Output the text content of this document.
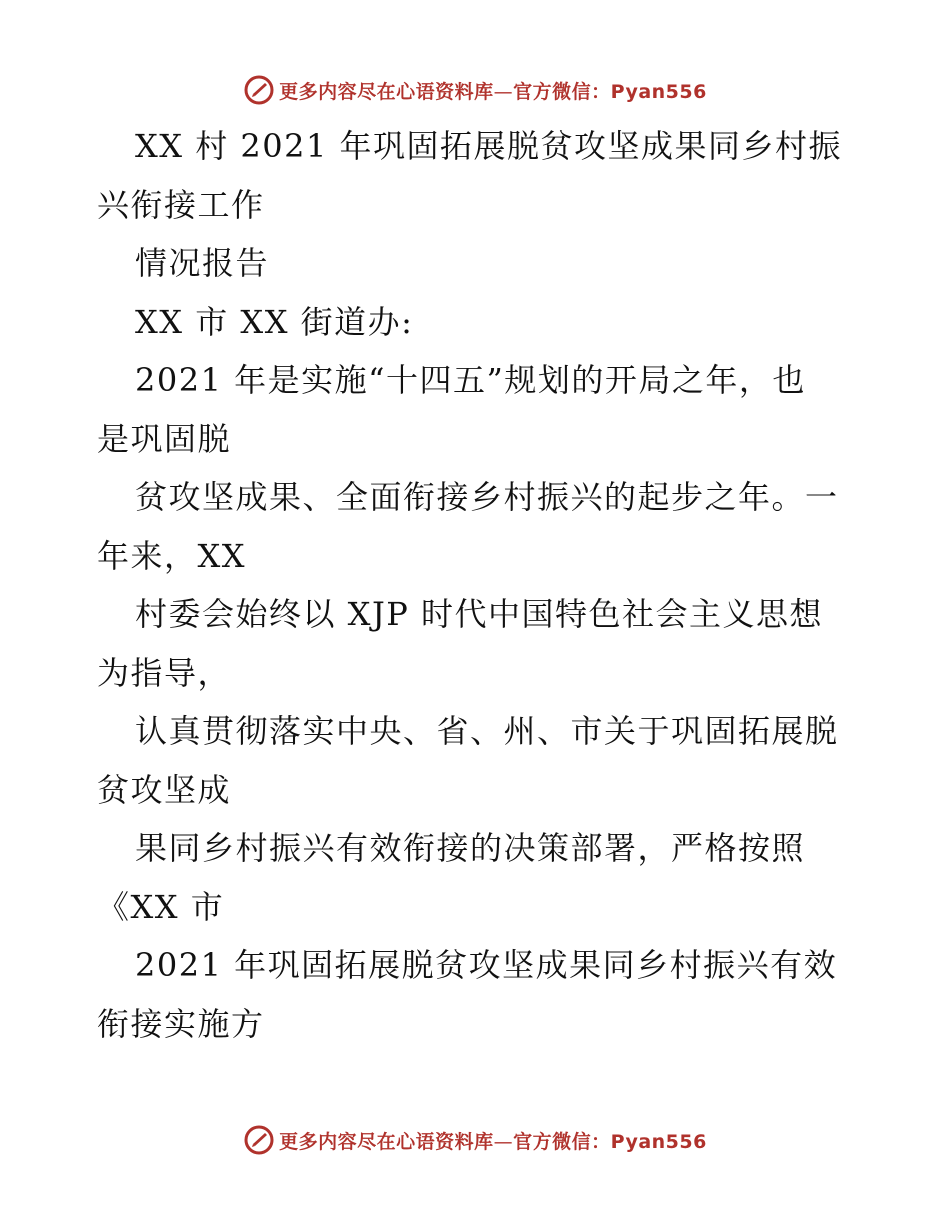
更多内容尽在心语资料库—官方微信：Pyan556
XX 村 2021 年巩固拓展脱贫攻坚成果同乡村振
兴衔接工作
情况报告
XX 市 XX 街道办:
2021 年是实施“十四五”规划的开局之年，也
是巩固脱
贫攻坚成果、全面衔接乡村振兴的起步之年。一
年来，XX
村委会始终以 XJP 时代中国特色社会主义思想
为指导，
认真贯彻落实中央、省、州、市关于巩固拓展脱
贫攻坚成
果同乡村振兴有效衔接的决策部署，严格按照
《XX 市
2021 年巩固拓展脱贫攻坚成果同乡村振兴有效
衔接实施方
更多内容尽在心语资料库—官方微信：Pyan556
